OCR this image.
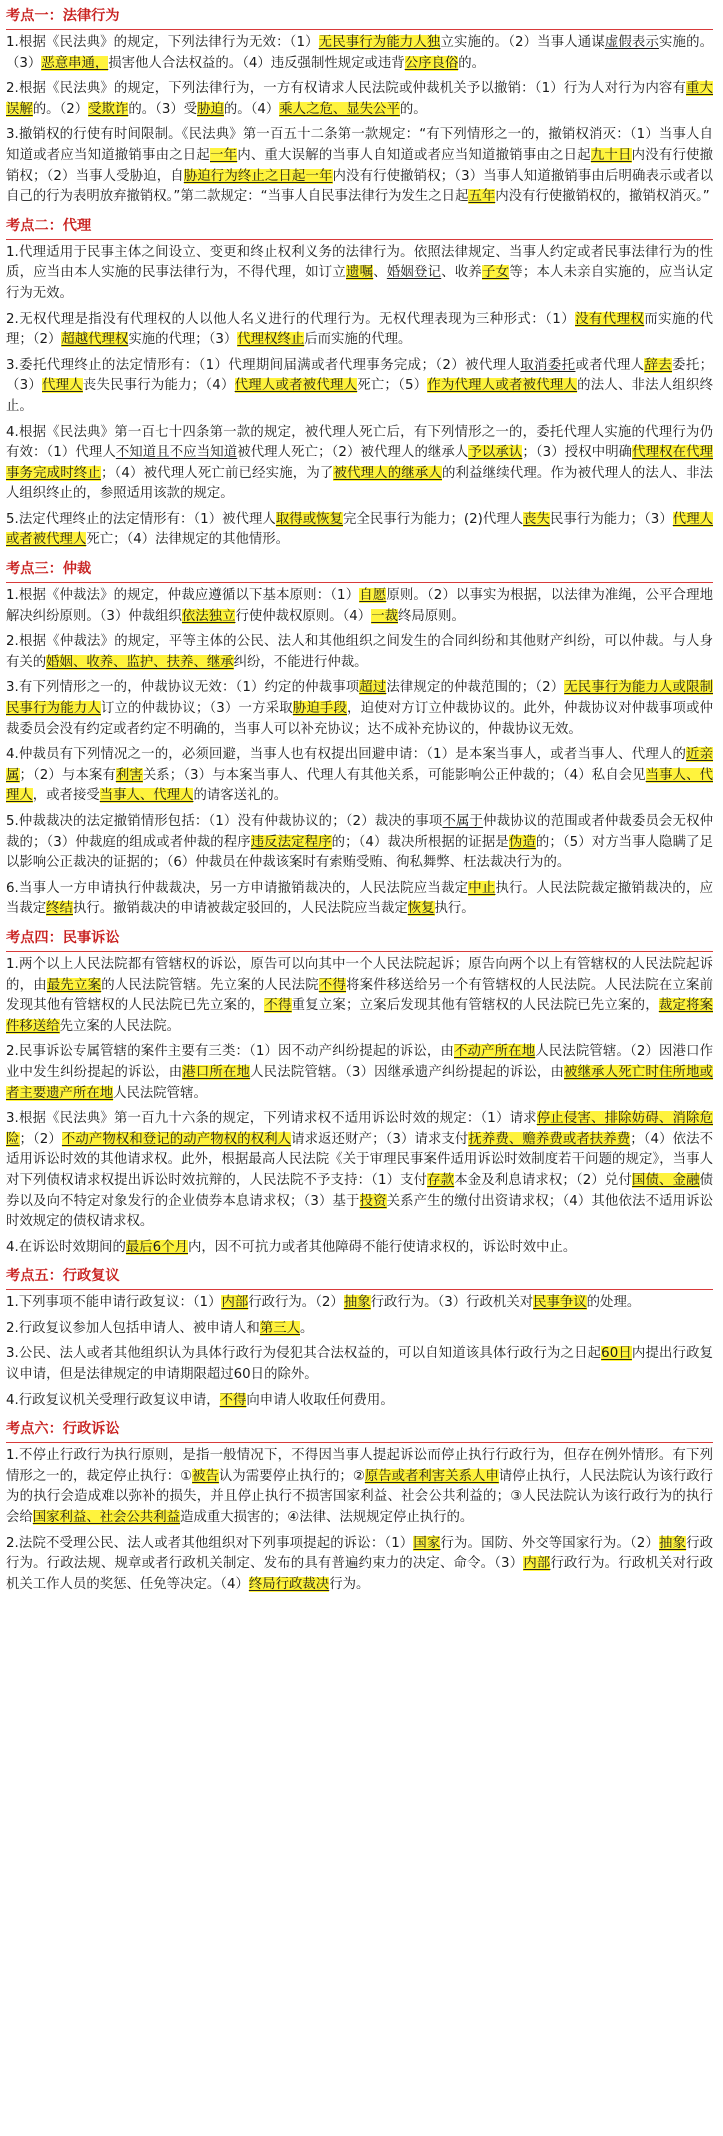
考点一：法律行为

1.根据《民法典》的规定，下列法律行为无效：（1）无民事行为能力人独立实施的。（2）当事人通谋虚假表示实施的。（3）恶意串通，损害他人合法权益的。（4）违反强制性规定或违背公序良俗的。

2.根据《民法典》的规定，下列法律行为，一方有权请求人民法院或仲裁机关予以撤销：（1）行为人对行为内容有重大误解的。（2）受欺诈的。（3）受胁迫的。（4）乘人之危、显失公平的。

3.撤销权的行使有时间限制。《民法典》第一百五十二条第一款规定：“有下列情形之一的，撤销权消灭：（1）当事人自知道或者应当知道撤销事由之日起一年内、重大误解的当事人自知道或者应当知道撤销事由之日起九十日内没有行使撤销权；（2）当事人受胁迫，自胁迫行为终止之日起一年内没有行使撤销权；（3）当事人知道撤销事由后明确表示或者以自己的行为表明放弃撤销权。”第二款规定：“当事人自民事法律行为发生之日起五年内没有行使撤销权的，撤销权消灭。”

考点二：代理

1.代理适用于民事主体之间设立、变更和终止权利义务的法律行为。依照法律规定、当事人约定或者民事法律行为的性质，应当由本人实施的民事法律行为，不得代理，如订立遗嘱、婚姻登记、收养子女等；本人未亲自实施的，应当认定行为无效。

2.无权代理是指没有代理权的人以他人名义进行的代理行为。无权代理表现为三种形式：（1）没有代理权而实施的代理；（2）超越代理权实施的代理；（3）代理权终止后而实施的代理。

3.委托代理终止的法定情形有：（1）代理期间届满或者代理事务完成；（2）被代理人取消委托或者代理人辞去委托；（3）代理人丧失民事行为能力；（4）代理人或者被代理人死亡；（5）作为代理人或者被代理人的法人、非法人组织终止。

4.根据《民法典》第一百七十四条第一款的规定，被代理人死亡后，有下列情形之一的，委托代理人实施的代理行为仍有效：（1）代理人不知道且不应当知道被代理人死亡；（2）被代理人的继承人予以承认；（3）授权中明确代理权在代理事务完成时终止；（4）被代理人死亡前已经实施，为了被代理人的继承人的利益继续代理。作为被代理人的法人、非法人组织终止的，参照适用该款的规定。

5.法定代理终止的法定情形有：（1）被代理人取得或恢复完全民事行为能力；(2)代理人丧失民事行为能力；（3）代理人或者被代理人死亡；（4）法律规定的其他情形。

考点三：仲裁

1.根据《仲裁法》的规定，仲裁应遵循以下基本原则：（1）自愿原则。（2）以事实为根据，以法律为准绳，公平合理地解决纠纷原则。（3）仲裁组织依法独立行使仲裁权原则。（4）一裁终局原则。

2.根据《仲裁法》的规定，平等主体的公民、法人和其他组织之间发生的合同纠纷和其他财产纠纷，可以仲裁。与人身有关的婚姻、收养、监护、扶养、继承纠纷，不能进行仲裁。

3.有下列情形之一的，仲裁协议无效：（1）约定的仲裁事项超过法律规定的仲裁范围的；（2）无民事行为能力人或限制民事行为能力人订立的仲裁协议；（3）一方采取胁迫手段，迫使对方订立仲裁协议的。此外，仲裁协议对仲裁事项或仲裁委员会没有约定或者约定不明确的，当事人可以补充协议；达不成补充协议的，仲裁协议无效。

4.仲裁员有下列情况之一的，必须回避，当事人也有权提出回避申请：（1）是本案当事人，或者当事人、代理人的近亲属；（2）与本案有利害关系；（3）与本案当事人、代理人有其他关系，可能影响公正仲裁的；（4）私自会见当事人、代理人，或者接受当事人、代理人的请客送礼的。

5.仲裁裁决的法定撤销情形包括：（1）没有仲裁协议的；（2）裁决的事项不属于仲裁协议的范围或者仲裁委员会无权仲裁的；（3）仲裁庭的组成或者仲裁的程序违反法定程序的；（4）裁决所根据的证据是伪造的；（5）对方当事人隐瞒了足以影响公正裁决的证据的；（6）仲裁员在仲裁该案时有索贿受贿、徇私舞弊、枉法裁决行为的。

6.当事人一方申请执行仲裁裁决，另一方申请撤销裁决的，人民法院应当裁定中止执行。人民法院裁定撤销裁决的，应当裁定终结执行。撤销裁决的申请被裁定驳回的，人民法院应当裁定恢复执行。

考点四：民事诉讼

1.两个以上人民法院都有管辖权的诉讼，原告可以向其中一个人民法院起诉；原告向两个以上有管辖权的人民法院起诉的，由最先立案的人民法院管辖。先立案的人民法院不得将案件移送给另一个有管辖权的人民法院。人民法院在立案前发现其他有管辖权的人民法院已先立案的，不得重复立案；立案后发现其他有管辖权的人民法院已先立案的，裁定将案件移送给先立案的人民法院。

2.民事诉讼专属管辖的案件主要有三类：（1）因不动产纠纷提起的诉讼，由不动产所在地人民法院管辖。（2）因港口作业中发生纠纷提起的诉讼，由港口所在地人民法院管辖。（3）因继承遗产纠纷提起的诉讼，由被继承人死亡时住所地或者主要遗产所在地人民法院管辖。

3.根据《民法典》第一百九十六条的规定，下列请求权不适用诉讼时效的规定：（1）请求停止侵害、排除妨碍、消除危险；（2）不动产物权和登记的动产物权的权利人请求返还财产；（3）请求支付抚养费、赡养费或者扶养费；（4）依法不适用诉讼时效的其他请求权。此外，根据最高人民法院《关于审理民事案件适用诉讼时效制度若干问题的规定》，当事人对下列债权请求权提出诉讼时效抗辩的，人民法院不予支持：（1）支付存款本金及利息请求权；（2）兑付国债、金融债券以及向不特定对象发行的企业债券本息请求权；（3）基于投资关系产生的缴付出资请求权；（4）其他依法不适用诉讼时效规定的债权请求权。

4.在诉讼时效期间的最后6个月内，因不可抗力或者其他障碍不能行使请求权的，诉讼时效中止。

考点五：行政复议

1.下列事项不能申请行政复议：（1）内部行政行为。（2）抽象行政行为。（3）行政机关对民事争议的处理。

2.行政复议参加人包括申请人、被申请人和第三人。

3.公民、法人或者其他组织认为具体行政行为侵犯其合法权益的，可以自知道该具体行政行为之日起60日内提出行政复议申请，但是法律规定的申请期限超过60日的除外。

4.行政复议机关受理行政复议申请，不得向申请人收取任何费用。

考点六：行政诉讼

1.不停止行政行为执行原则，是指一般情况下，不得因当事人提起诉讼而停止执行行政行为，但存在例外情形。有下列情形之一的，裁定停止执行：①被告认为需要停止执行的；②原告或者利害关系人申请停止执行，人民法院认为该行政行为的执行会造成难以弥补的损失，并且停止执行不损害国家利益、社会公共利益的；③人民法院认为该行政行为的执行会给国家利益、社会公共利益造成重大损害的；④法律、法规规定停止执行的。

2.法院不受理公民、法人或者其他组织对下列事项提起的诉讼：（1）国家行为。国防、外交等国家行为。（2）抽象行政行为。行政法规、规章或者行政机关制定、发布的具有普遍约束力的决定、命令。（3）内部行政行为。行政机关对行政机关工作人员的奖惩、任免等决定。（4）终局行政裁决行为。
